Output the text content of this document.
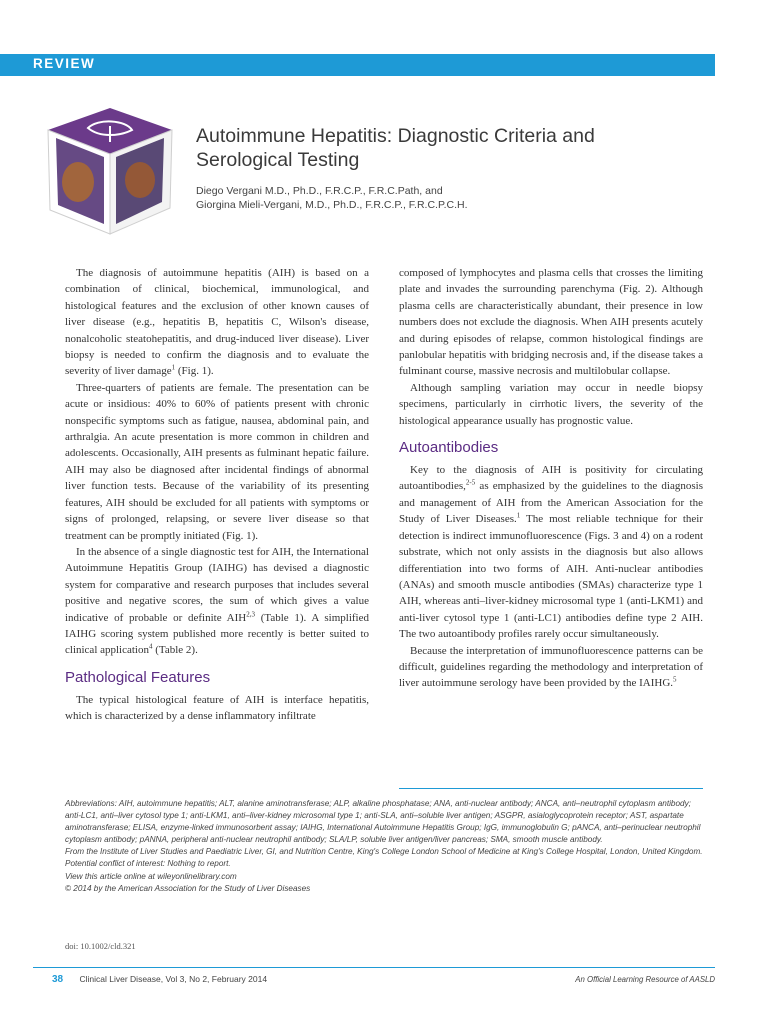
REVIEW
Autoimmune Hepatitis: Diagnostic Criteria and
Serological Testing
Diego Vergani M.D., Ph.D., F.R.C.P., F.R.C.Path, and
Giorgina Mieli-Vergani, M.D., Ph.D., F.R.C.P., F.R.C.P.C.H.

The diagnosis of autoimmune hepatitis (AIH) is based on a combination of clinical, biochemical, immunological, and histological features and the exclusion of other known causes of liver disease (e.g., hepatitis B, hepatitis C, Wilson's disease, nonalcoholic steatohepatitis, and drug-induced liver disease). Liver biopsy is needed to confirm the diagnosis and to evaluate the severity of liver damage$^1$ (Fig. 1).

Three-quarters of patients are female. The presentation can be acute or insidious: 40% to 60% of patients present with chronic nonspecific symptoms such as fatigue, nausea, abdominal pain, and arthralgia. An acute presentation is more common in children and adolescents. Occasionally, AIH presents as fulminant hepatic failure. AIH may also be diagnosed after incidental findings of abnormal liver function tests. Because of the variability of its presenting features, AIH should be excluded for all patients with symptoms or signs of prolonged, relapsing, or severe liver disease so that treatment can be promptly initiated (Fig. 1).

In the absence of a single diagnostic test for AIH, the International Autoimmune Hepatitis Group (IAIHG) has devised a diagnostic system for comparative and research purposes that includes several positive and negative scores, the sum of which gives a value indicative of probable or definite AIH$^{2,3}$ (Table 1). A simplified IAIHG scoring system published more recently is better suited to clinical application$^4$ (Table 2).

Pathological Features

The typical histological feature of AIH is interface hepatitis, which is characterized by a dense inflammatory infiltrate

composed of lymphocytes and plasma cells that crosses the limiting plate and invades the surrounding parenchyma (Fig. 2). Although plasma cells are characteristically abundant, their presence in low numbers does not exclude the diagnosis. When AIH presents acutely and during episodes of relapse, common histological findings are panlobular hepatitis with bridging necrosis and, if the disease takes a fulminant course, massive necrosis and multilobular collapse.

Although sampling variation may occur in needle biopsy specimens, particularly in cirrhotic livers, the severity of the histological appearance usually has prognostic value.

Autoantibodies

Key to the diagnosis of AIH is positivity for circulating autoantibodies,$^{2-5}$ as emphasized by the guidelines to the diagnosis and management of AIH from the American Association for the Study of Liver Diseases.$^1$ The most reliable technique for their detection is indirect immunofluorescence (Figs. 3 and 4) on a rodent substrate, which not only assists in the diagnosis but also allows differentiation into two forms of AIH. Anti-nuclear antibodies (ANAs) and smooth muscle antibodies (SMAs) characterize type 1 AIH, whereas anti–liver-kidney microsomal type 1 (anti-LKM1) and anti-liver cytosol type 1 (anti-LC1) antibodies define type 2 AIH. The two autoantibody profiles rarely occur simultaneously.

Because the interpretation of immunofluorescence patterns can be difficult, guidelines regarding the methodology and interpretation of liver autoimmune serology have been provided by the IAIHG.$^5$

Abbreviations: AIH, autoimmune hepatitis; ALT, alanine aminotransferase; ALP, alkaline phosphatase; ANA, anti-nuclear antibody; ANCA, anti–neutrophil cytoplasm antibody; anti-LC1, anti–liver cytosol type 1; anti-LKM1, anti–liver-kidney microsomal type 1; anti-SLA, anti–soluble liver antigen; ASGPR, asialoglycoprotein receptor; AST, aspartate aminotransferase; ELISA, enzyme-linked immunosorbent assay; IAIHG, International Autoimmune Hepatitis Group; IgG, immunoglobulin G; pANCA, anti–perinuclear neutrophil cytoplasm antibody; pANNA, peripheral anti-nuclear neutrophil antibody; SLA/LP, soluble liver antigen/liver pancreas; SMA, smooth muscle antibody.
From the Institute of Liver Studies and Paediatric Liver, GI, and Nutrition Centre, King's College London School of Medicine at King's College Hospital, London, United Kingdom.
Potential conflict of interest: Nothing to report.
View this article online at wileyonlinelibrary.com
© 2014 by the American Association for the Study of Liver Diseases
doi: 10.1002/cld.321
38 Clinical Liver Disease, Vol 3, No 2, February 2014	An Official Learning Resource of AASLD
